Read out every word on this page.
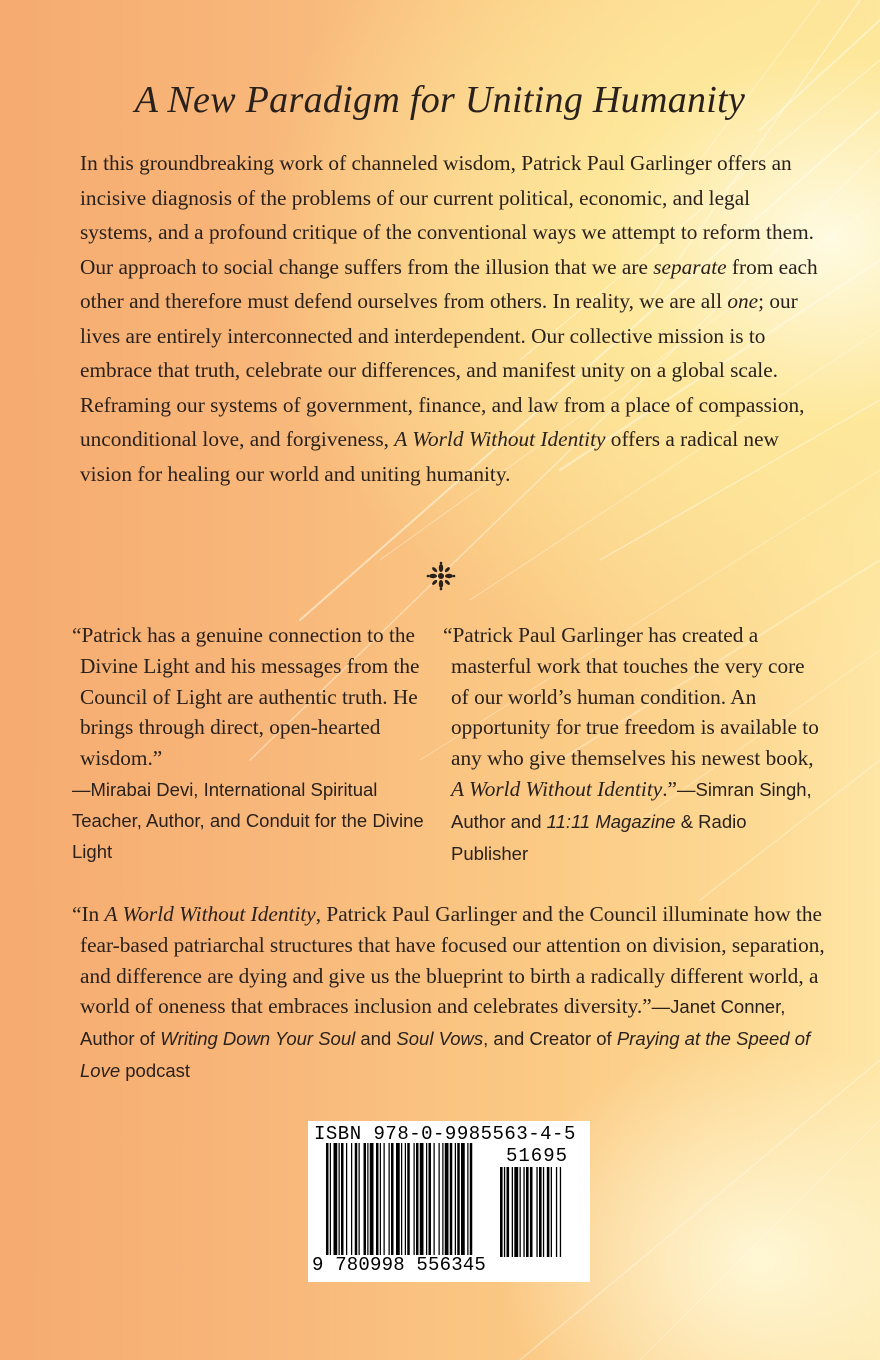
A New Paradigm for Uniting Humanity

In this groundbreaking work of channeled wisdom, Patrick Paul Garlinger offers an incisive diagnosis of the problems of our current political, economic, and legal systems, and a profound critique of the conventional ways we attempt to reform them. Our approach to social change suffers from the illusion that we are separate from each other and therefore must defend ourselves from others. In reality, we are all one; our lives are entirely interconnected and interdependent. Our collective mission is to embrace that truth, celebrate our differences, and manifest unity on a global scale. Reframing our systems of government, finance, and law from a place of compassion, unconditional love, and forgiveness, A World Without Identity offers a radical new vision for healing our world and uniting humanity.

“Patrick has a genuine connection to the Divine Light and his messages from the Council of Light are authentic truth. He brings through direct, open-hearted wisdom.”
—Mirabai Devi, International Spiritual Teacher, Author, and Conduit for the Divine Light

“Patrick Paul Garlinger has created a masterful work that touches the very core of our world’s human condition. An opportunity for true freedom is available to any who give themselves his newest book, A World Without Identity.”—Simran Singh, Author and 11:11 Magazine & Radio Publisher

“In A World Without Identity, Patrick Paul Garlinger and the Council illuminate how the fear-based patriarchal structures that have focused our attention on division, separation, and difference are dying and give us the blueprint to birth a radically different world, a world of oneness that embraces inclusion and celebrates diversity.”—Janet Conner, Author of Writing Down Your Soul and Soul Vows, and Creator of Praying at the Speed of Love podcast

ISBN 978-0-9985563-4-5
51695
9 780998 556345
